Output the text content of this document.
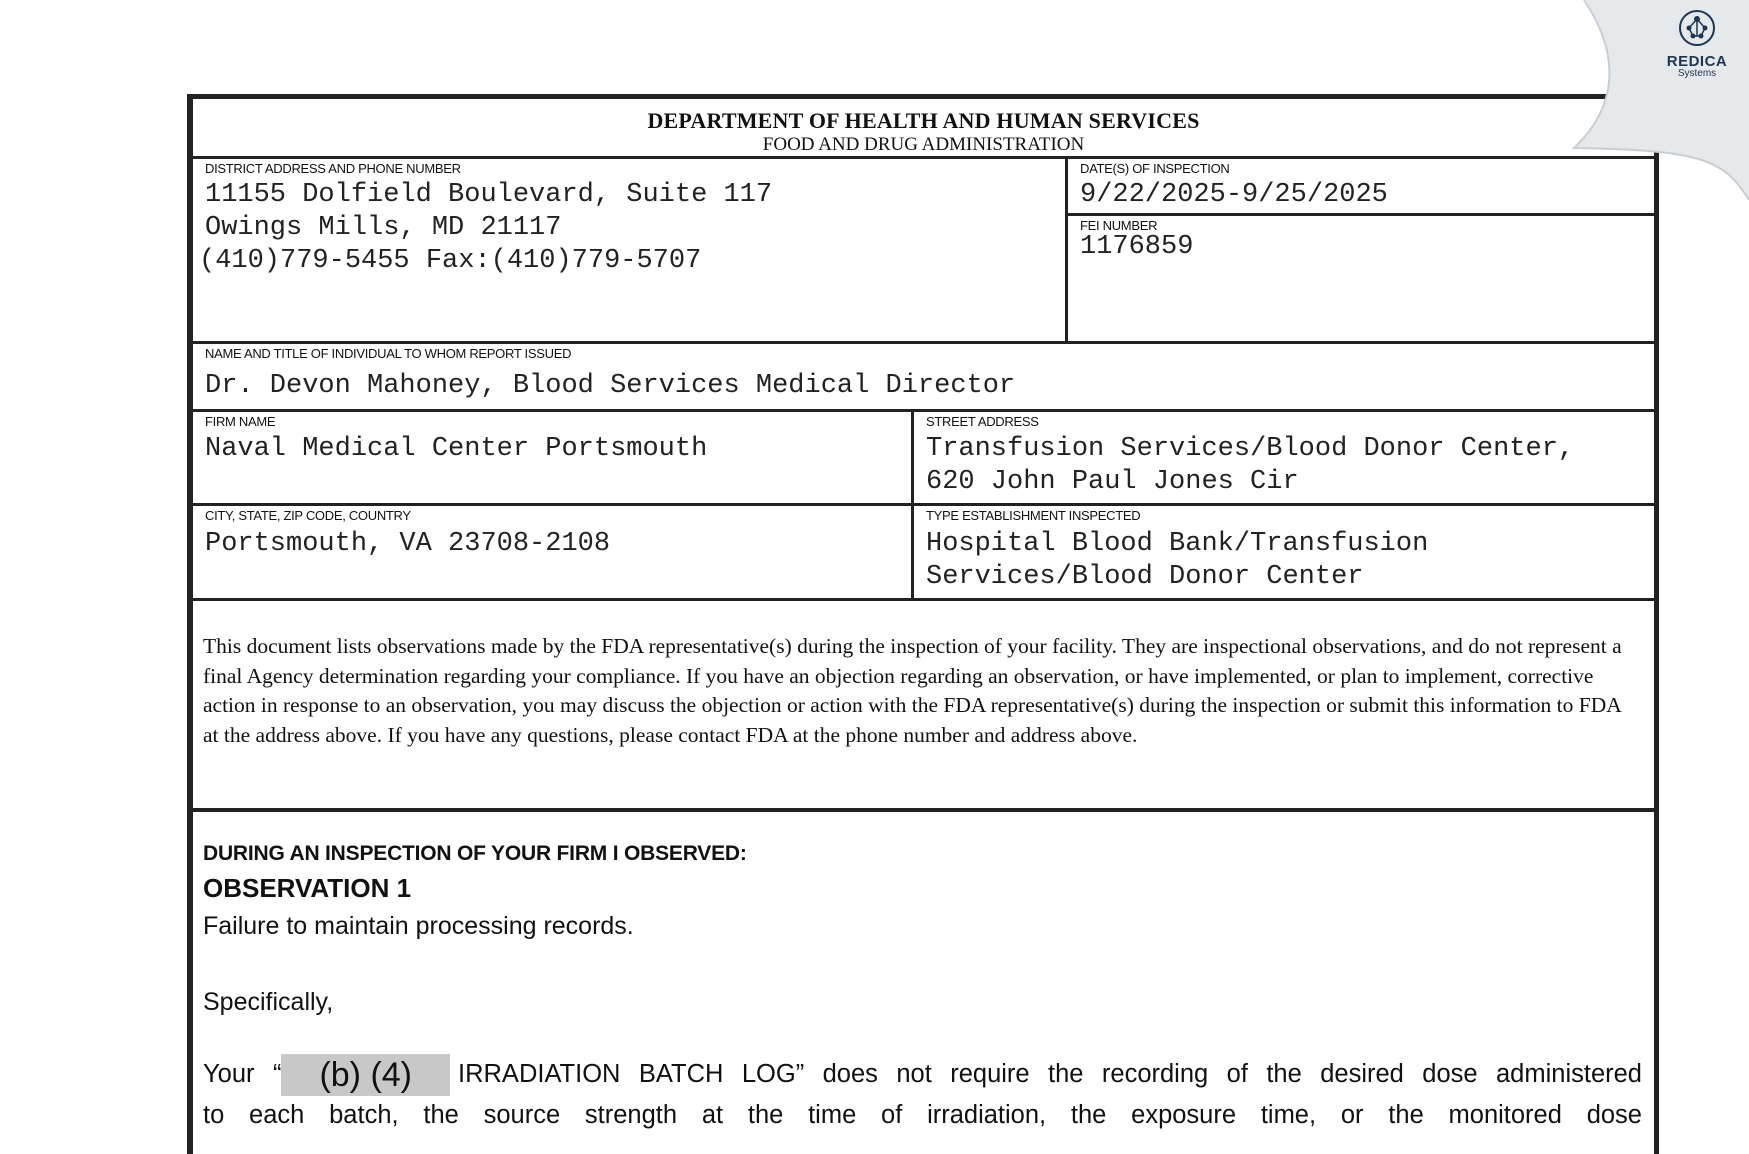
DEPARTMENT OF HEALTH AND HUMAN SERVICES
FOOD AND DRUG ADMINISTRATION
DISTRICT ADDRESS AND PHONE NUMBER
11155 Dolfield Boulevard, Suite 117
Owings Mills, MD 21117
(410)779-5455 Fax:(410)779-5707
DATE(S) OF INSPECTION
9/22/2025-9/25/2025
FEI NUMBER
1176859
NAME AND TITLE OF INDIVIDUAL TO WHOM REPORT ISSUED
Dr. Devon Mahoney, Blood Services Medical Director
FIRM NAME
Naval Medical Center Portsmouth
STREET ADDRESS
Transfusion Services/Blood Donor Center,
620 John Paul Jones Cir
CITY, STATE, ZIP CODE, COUNTRY
Portsmouth, VA 23708-2108
TYPE ESTABLISHMENT INSPECTED
Hospital Blood Bank/Transfusion
Services/Blood Donor Center
This document lists observations made by the FDA representative(s) during the inspection of your facility. They are inspectional observations, and do not represent a final Agency determination regarding your compliance. If you have an objection regarding an observation, or have implemented, or plan to implement, corrective action in response to an observation, you may discuss the objection or action with the FDA representative(s) during the inspection or submit this information to FDA at the address above. If you have any questions, please contact FDA at the phone number and address above.
DURING AN INSPECTION OF YOUR FIRM I OBSERVED:
OBSERVATION 1
Failure to maintain processing records.
Specifically,
Your “ (b) (4) IRRADIATION BATCH LOG” does not require the recording of the desired dose administered
to each batch, the source strength at the time of irradiation, the exposure time, or the monitored dose
REDICA
Systems
